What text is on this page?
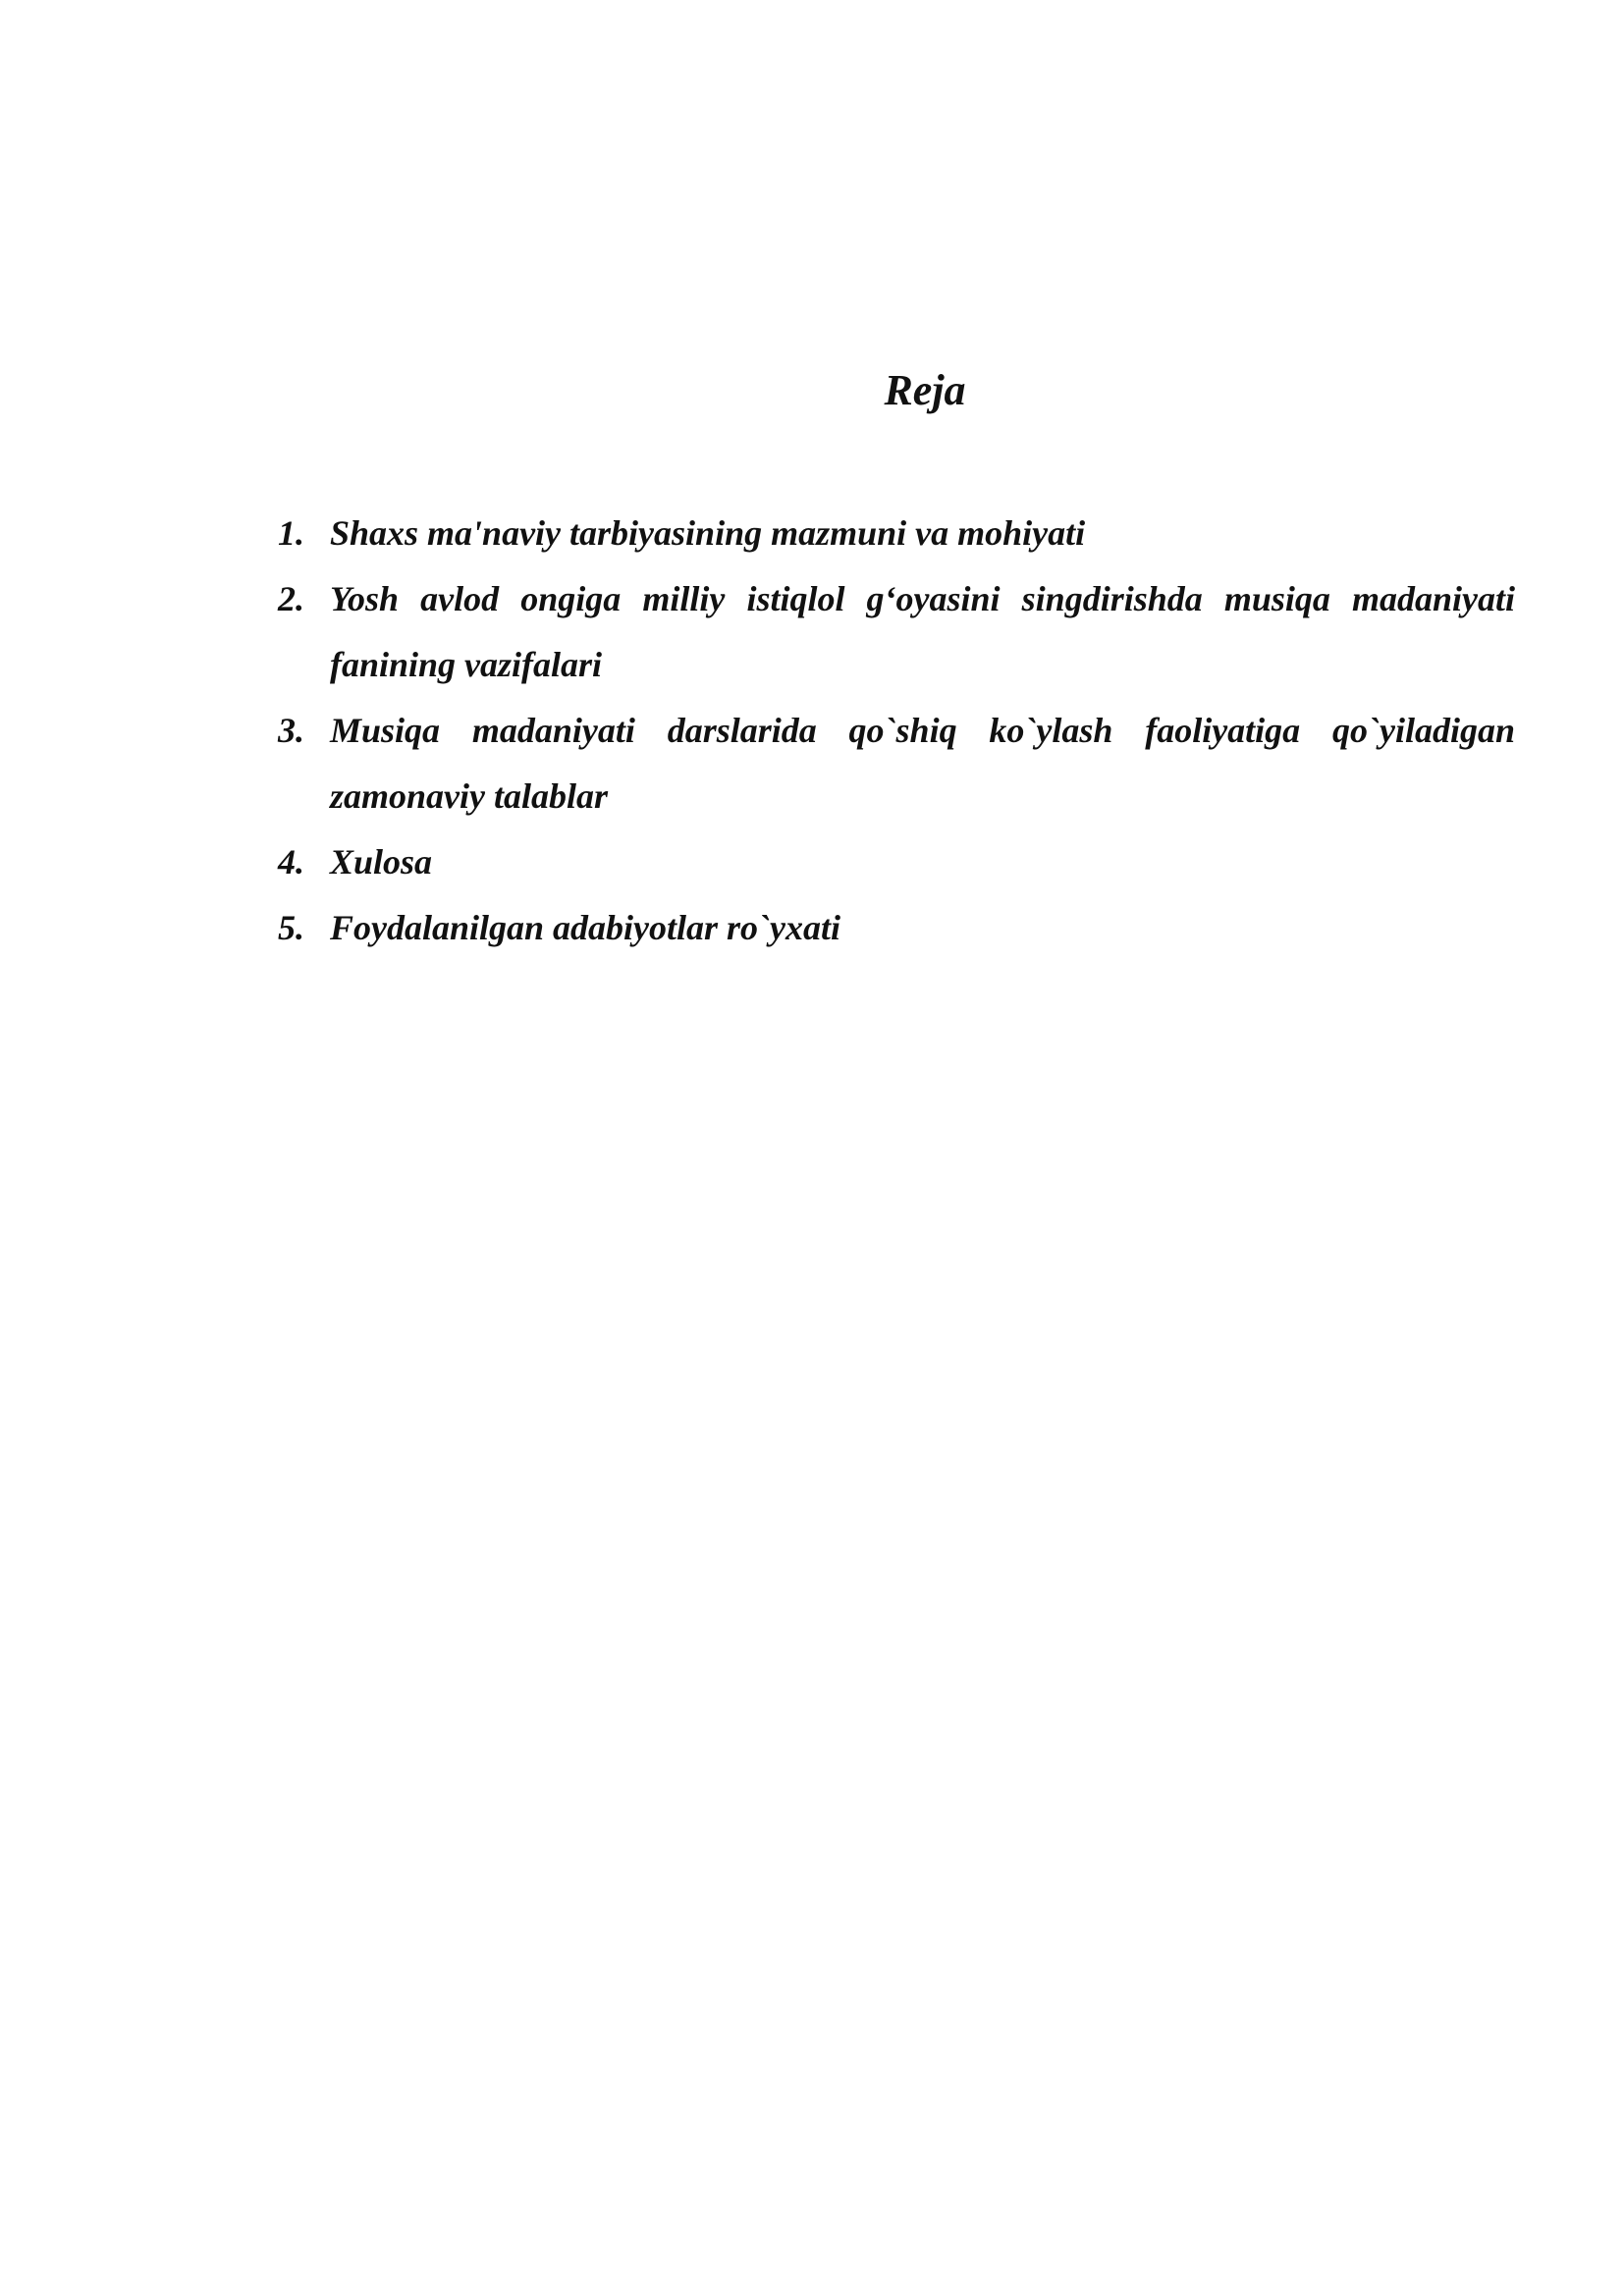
Reja
1. Shaxs ma'naviy tarbiyasining mazmuni va mohiyati
2. Yosh avlod ongiga milliy istiqlol g‘oyasini singdirishda musiqa madaniyati fanining vazifalari
3. Musiqa madaniyati darslarida qo`shiq ko`ylash faoliyatiga qo`yiladigan zamonaviy talablar
4. Xulosa
5. Foydalanilgan adabiyotlar ro`yxati
